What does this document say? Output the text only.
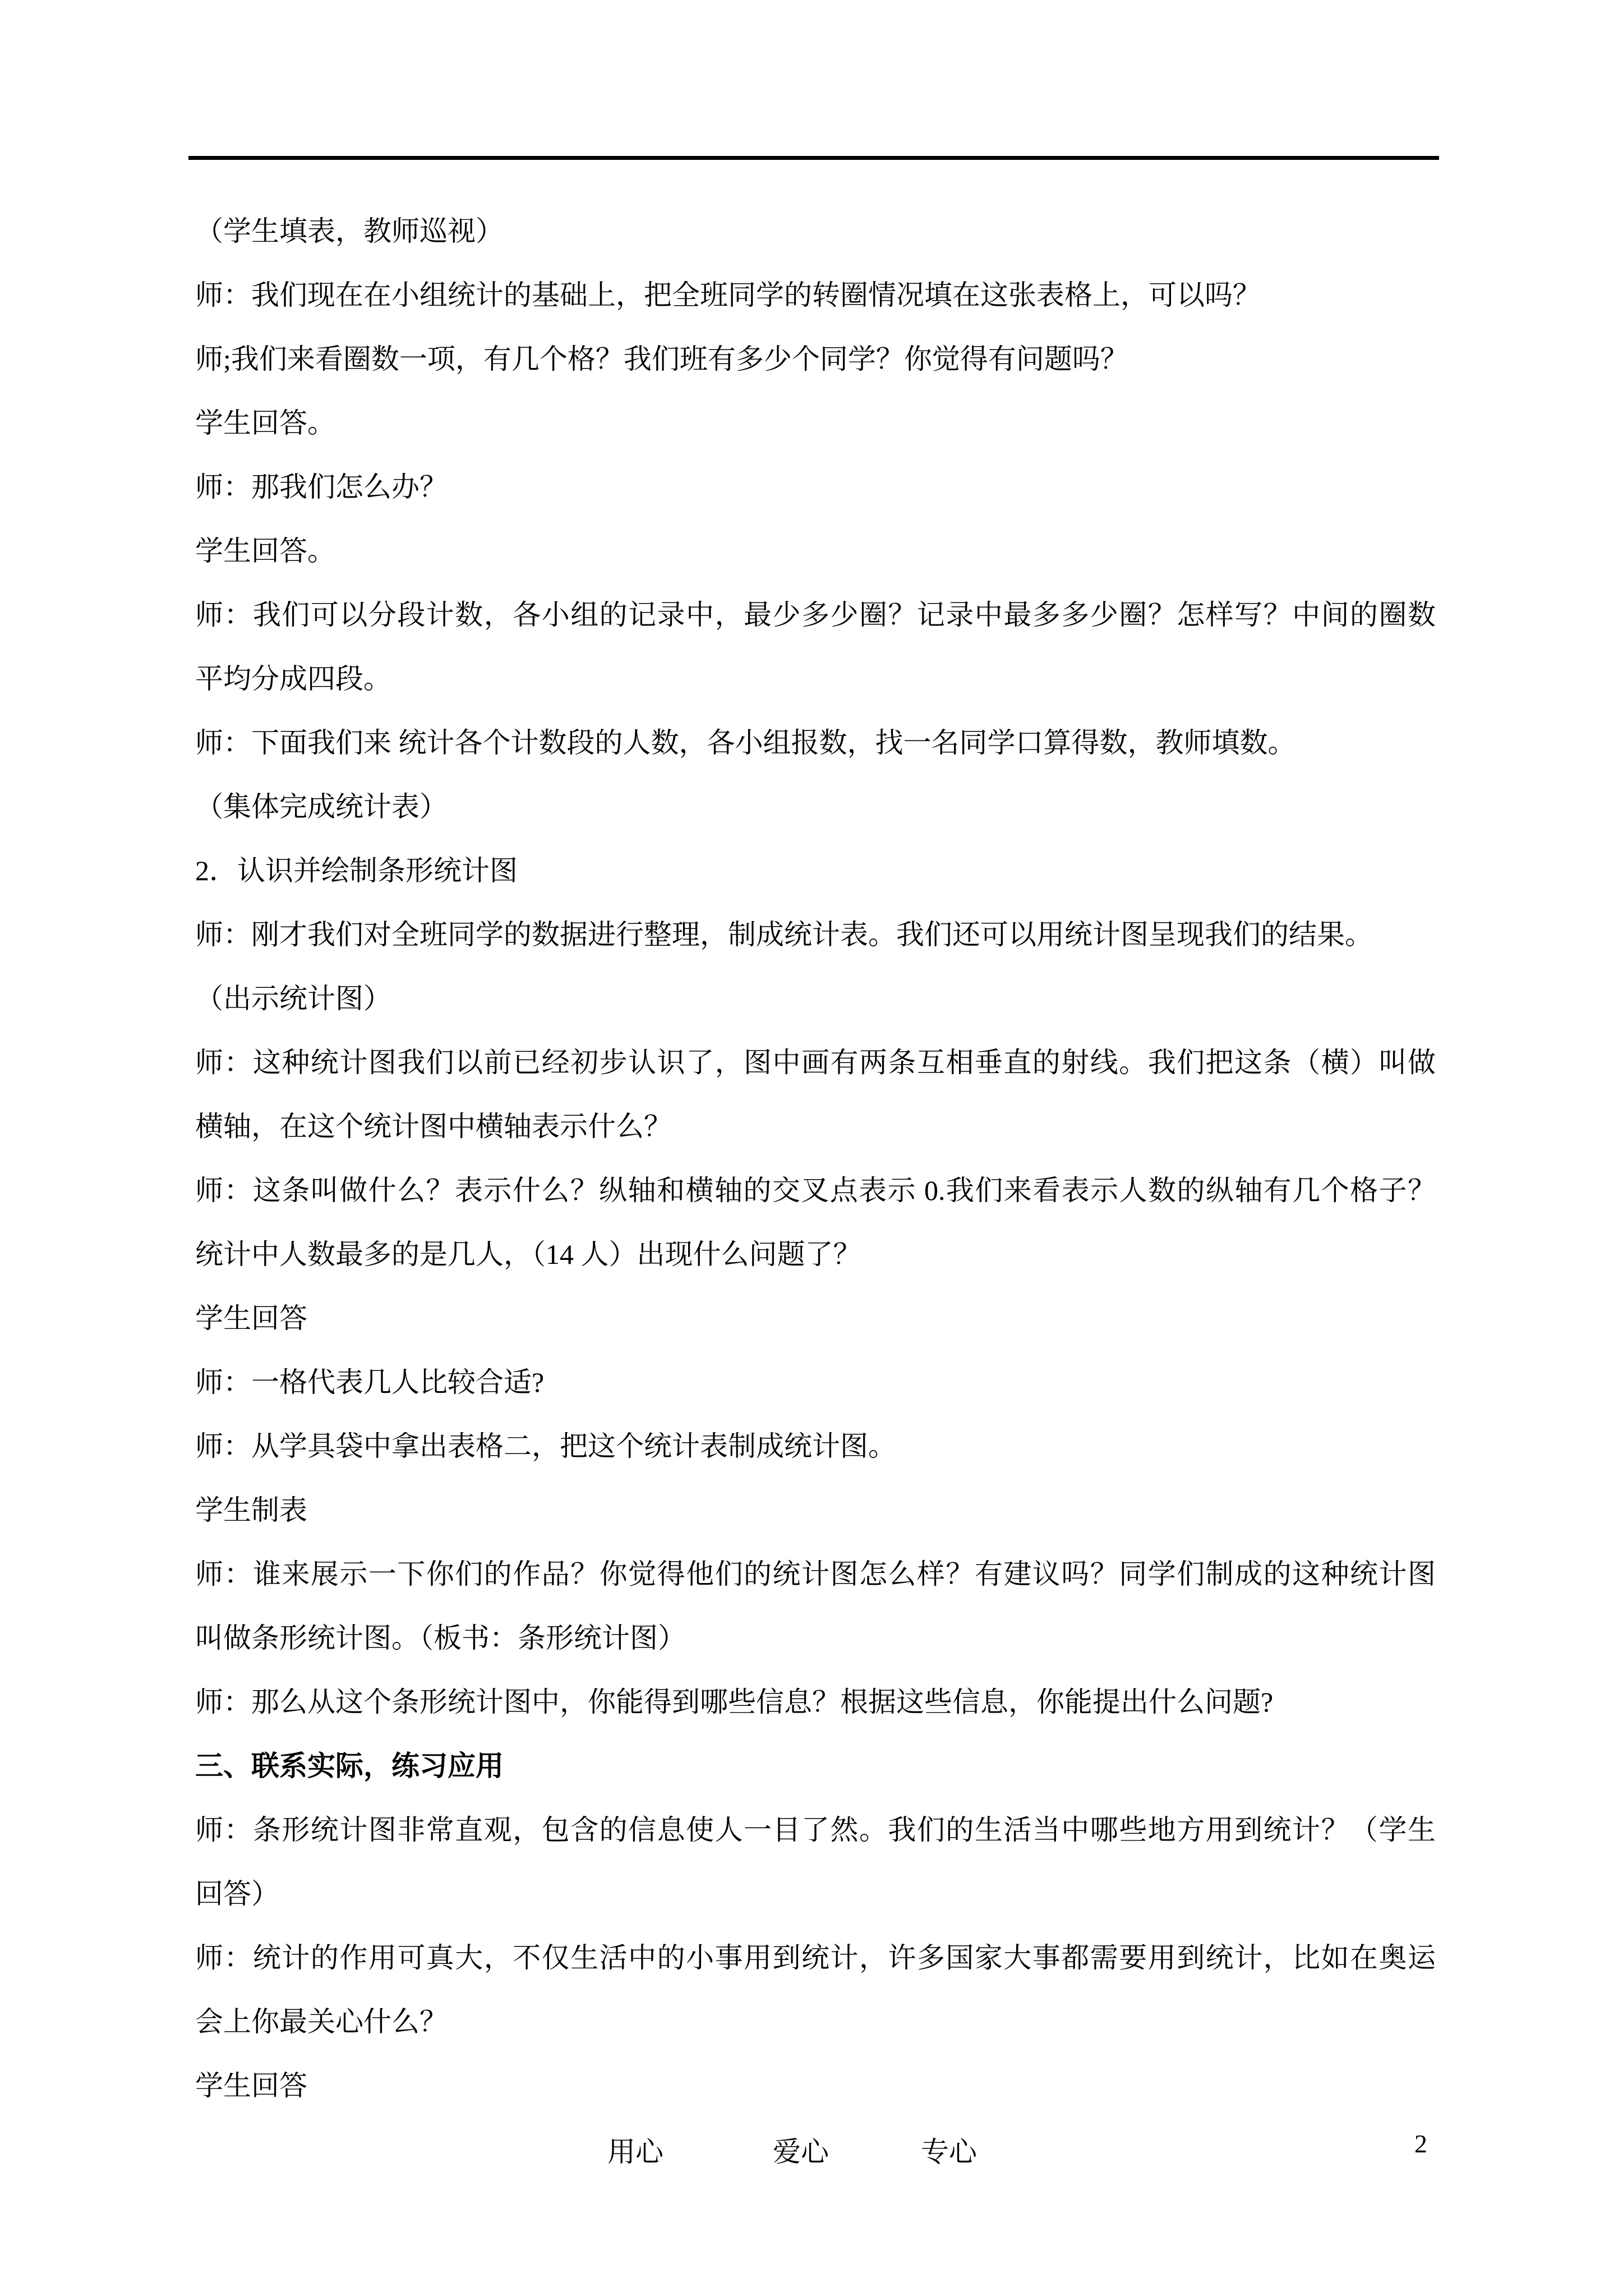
（学生填表，教师巡视）
师：我们现在在小组统计的基础上，把全班同学的转圈情况填在这张表格上，可以吗？
师;我们来看圈数一项，有几个格？我们班有多少个同学？你觉得有问题吗？
学生回答。
师：那我们怎么办？
学生回答。
师：我们可以分段计数，各小组的记录中，最少多少圈？记录中最多多少圈？怎样写？中间的圈数
平均分成四段。
师：下面我们来 统计各个计数段的人数，各小组报数，找一名同学口算得数，教师填数。
（集体完成统计表）
2．认识并绘制条形统计图
师：刚才我们对全班同学的数据进行整理，制成统计表。我们还可以用统计图呈现我们的结果。
（出示统计图）
师：这种统计图我们以前已经初步认识了，图中画有两条互相垂直的射线。我们把这条（横）叫做
横轴，在这个统计图中横轴表示什么？
师：这条叫做什么？表示什么？纵轴和横轴的交叉点表示 0.我们来看表示人数的纵轴有几个格子？
统计中人数最多的是几人，（14 人）出现什么问题了？
学生回答
师：一格代表几人比较合适?
师：从学具袋中拿出表格二，把这个统计表制成统计图。
学生制表
师：谁来展示一下你们的作品？你觉得他们的统计图怎么样？有建议吗？同学们制成的这种统计图
叫做条形统计图。（板书：条形统计图）
师：那么从这个条形统计图中，你能得到哪些信息？根据这些信息，你能提出什么问题?
三、联系实际，练习应用
师：条形统计图非常直观，包含的信息使人一目了然。我们的生活当中哪些地方用到统计？（学生
回答）
师：统计的作用可真大，不仅生活中的小事用到统计，许多国家大事都需要用到统计，比如在奥运
会上你最关心什么？
学生回答
用心	爱心	专心	2
